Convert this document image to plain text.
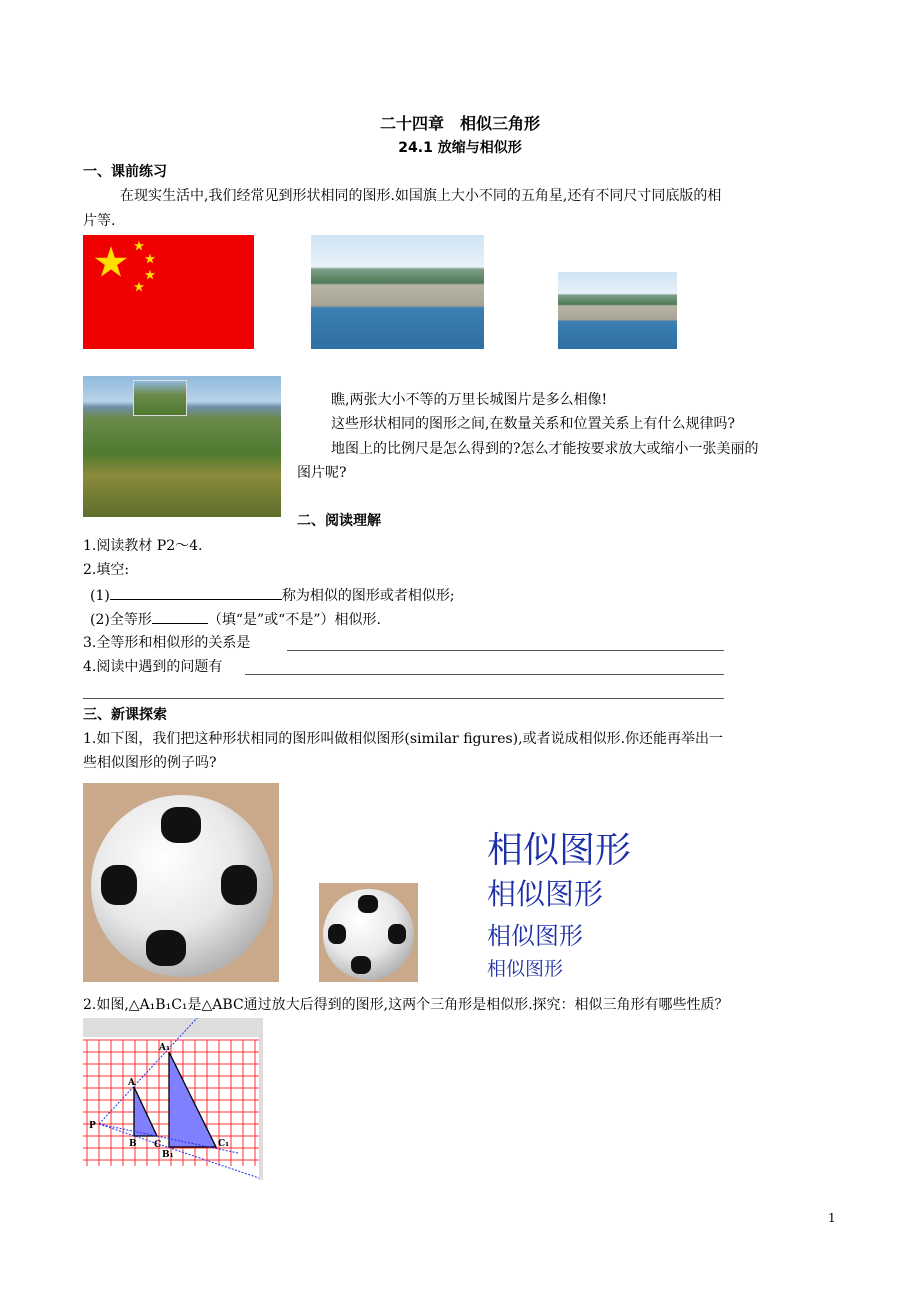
二十四章　相似三角形
24.1 放缩与相似形
一、课前练习
在现实生活中,我们经常见到形状相同的图形.如国旗上大小不同的五角星,还有不同尺寸同底版的相
片等.
瞧,两张大小不等的万里长城图片是多么相像!
这些形状相同的图形之间,在数量关系和位置关系上有什么规律吗?
地图上的比例尺是怎么得到的?怎么才能按要求放大或缩小一张美丽的
图片呢?
二、阅读理解
1.阅读教材 P2～4.
2.填空:
(1)	称为相似的图形或者相似形;
(2)全等形	（填“是”或“不是”）相似形.
3.全等形和相似形的关系是
4.阅读中遇到的问题有
三、新课探索
1.如下图，我们把这种形状相同的图形叫做相似图形(similar figures),或者说成相似形.你还能再举出一
些相似图形的例子吗?
相似图形
相似图形
相似图形
相似图形
2.如图,△A₁B₁C₁是△ABC通过放大后得到的图形,这两个三角形是相似形.探究：相似三角形有哪些性质？
A
B C
A₁
B₁
C₁
P
1
